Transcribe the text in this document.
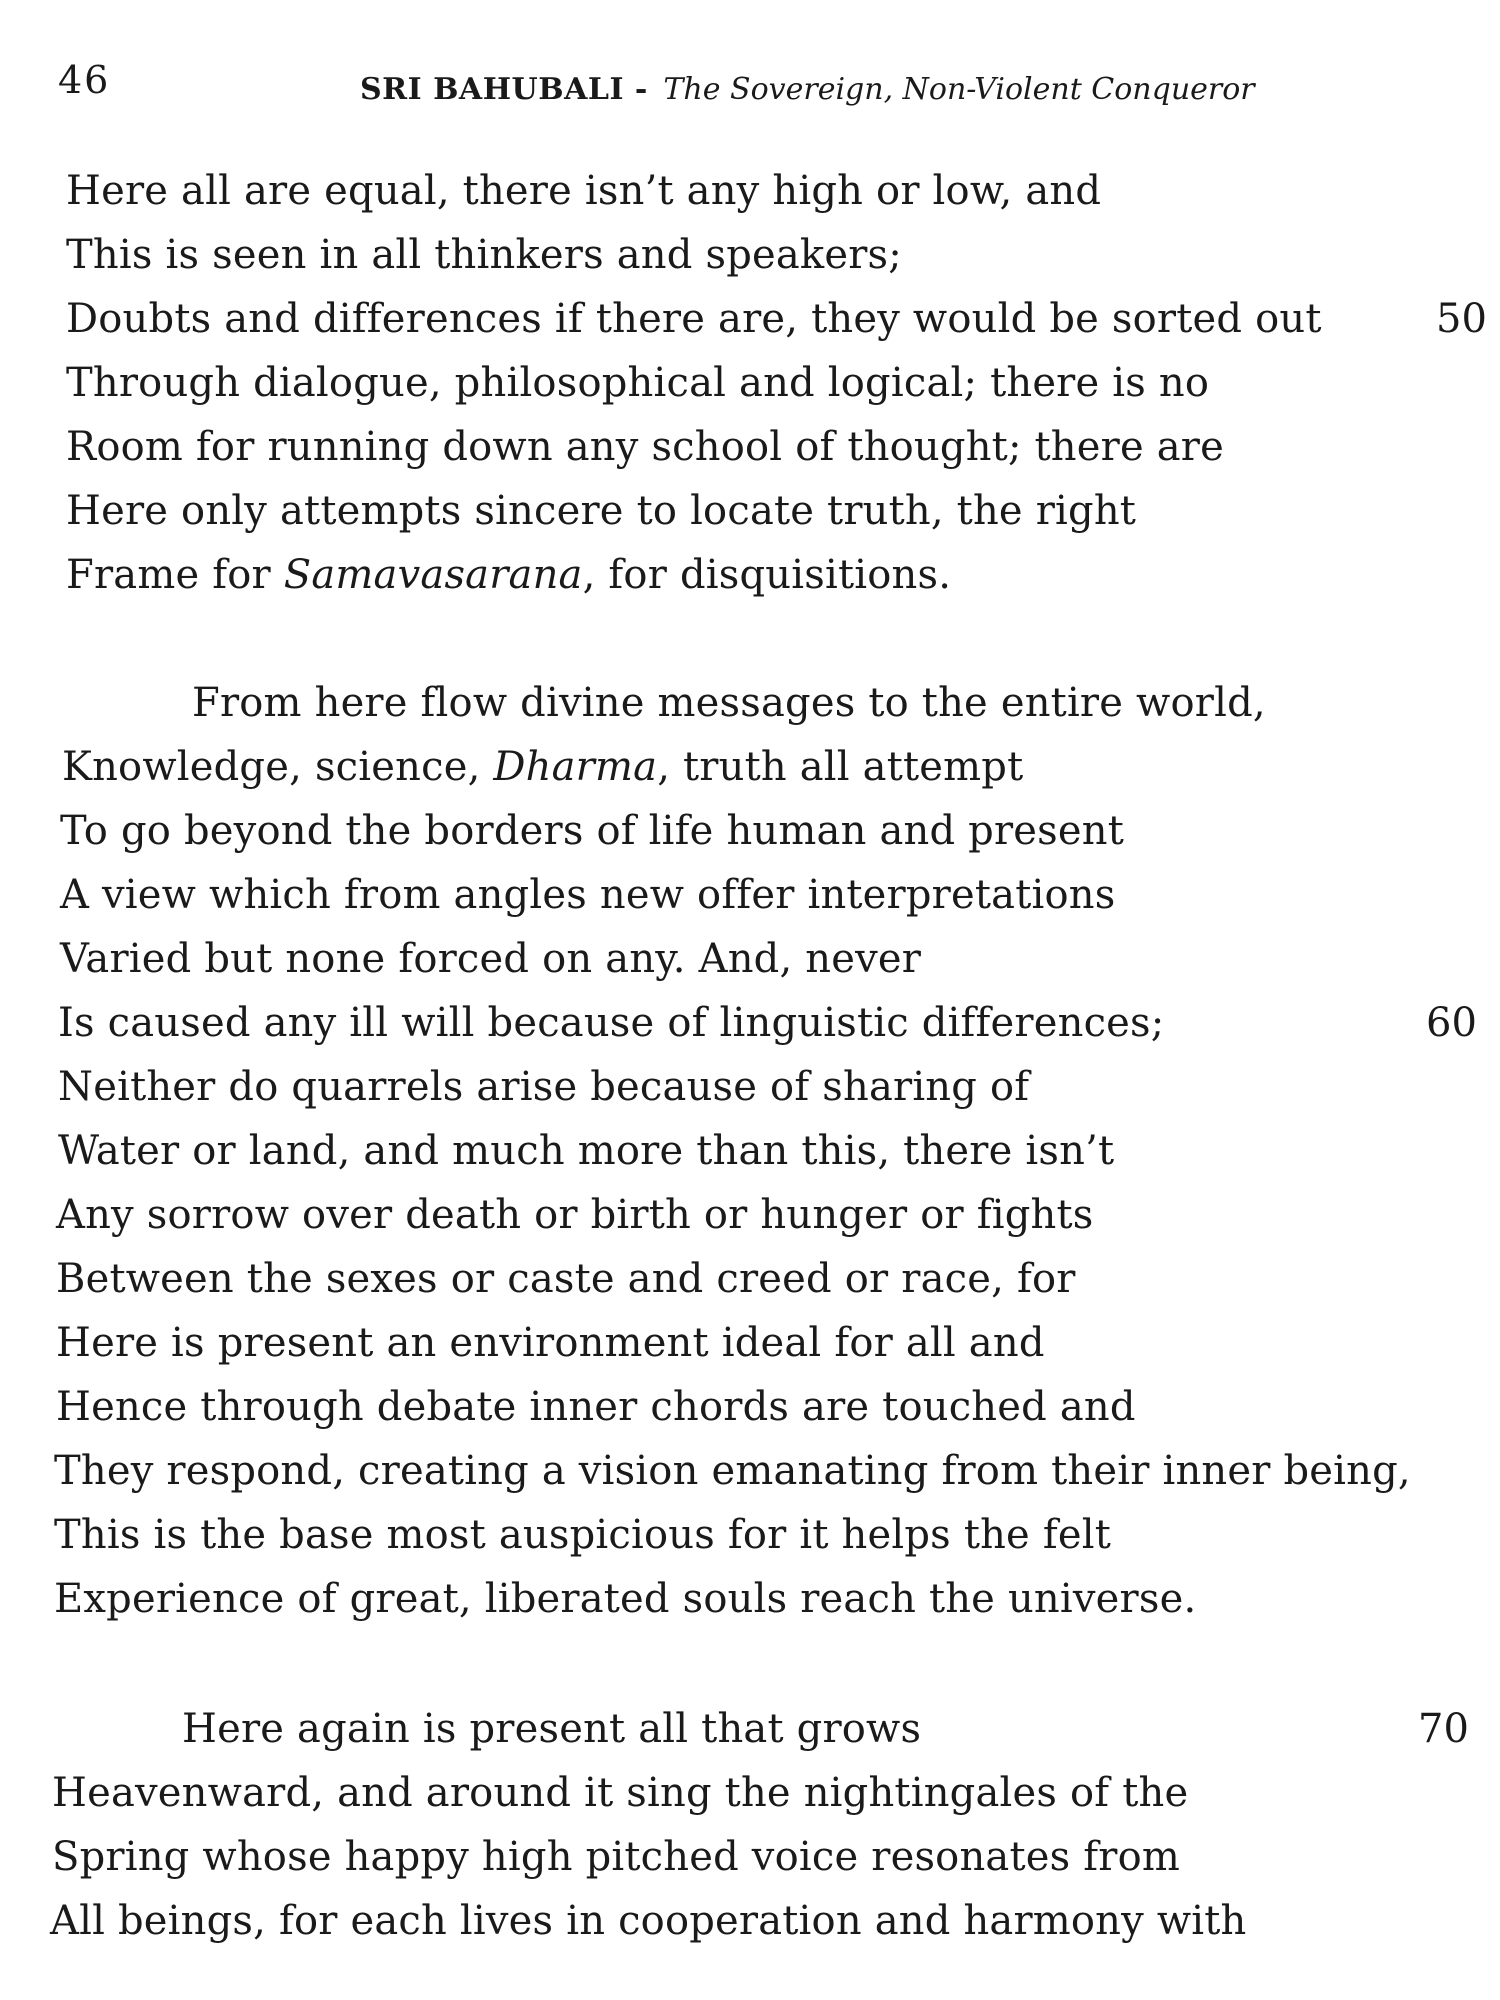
46	SRI BAHUBALI - The Sovereign, Non-Violent Conqueror
Here all are equal, there isn’t any high or low, and
This is seen in all thinkers and speakers;
Doubts and differences if there are, they would be sorted out
Through dialogue, philosophical and logical; there is no
Room for running down any school of thought; there are
Here only attempts sincere to locate truth, the right
Frame for Samavasarana, for disquisitions.
From here flow divine messages to the entire world,
Knowledge, science, Dharma, truth all attempt
To go beyond the borders of life human and present
A view which from angles new offer interpretations
Varied but none forced on any. And, never
Is caused any ill will because of linguistic differences;
Neither do quarrels arise because of sharing of
Water or land, and much more than this, there isn’t
Any sorrow over death or birth or hunger or fights
Between the sexes or caste and creed or race, for
Here is present an environment ideal for all and
Hence through debate inner chords are touched and
They respond, creating a vision emanating from their inner being,
This is the base most auspicious for it helps the felt
Experience of great, liberated souls reach the universe.
Here again is present all that grows
Heavenward, and around it sing the nightingales of the
Spring whose happy high pitched voice resonates from
All beings, for each lives in cooperation and harmony with
50
60
70
